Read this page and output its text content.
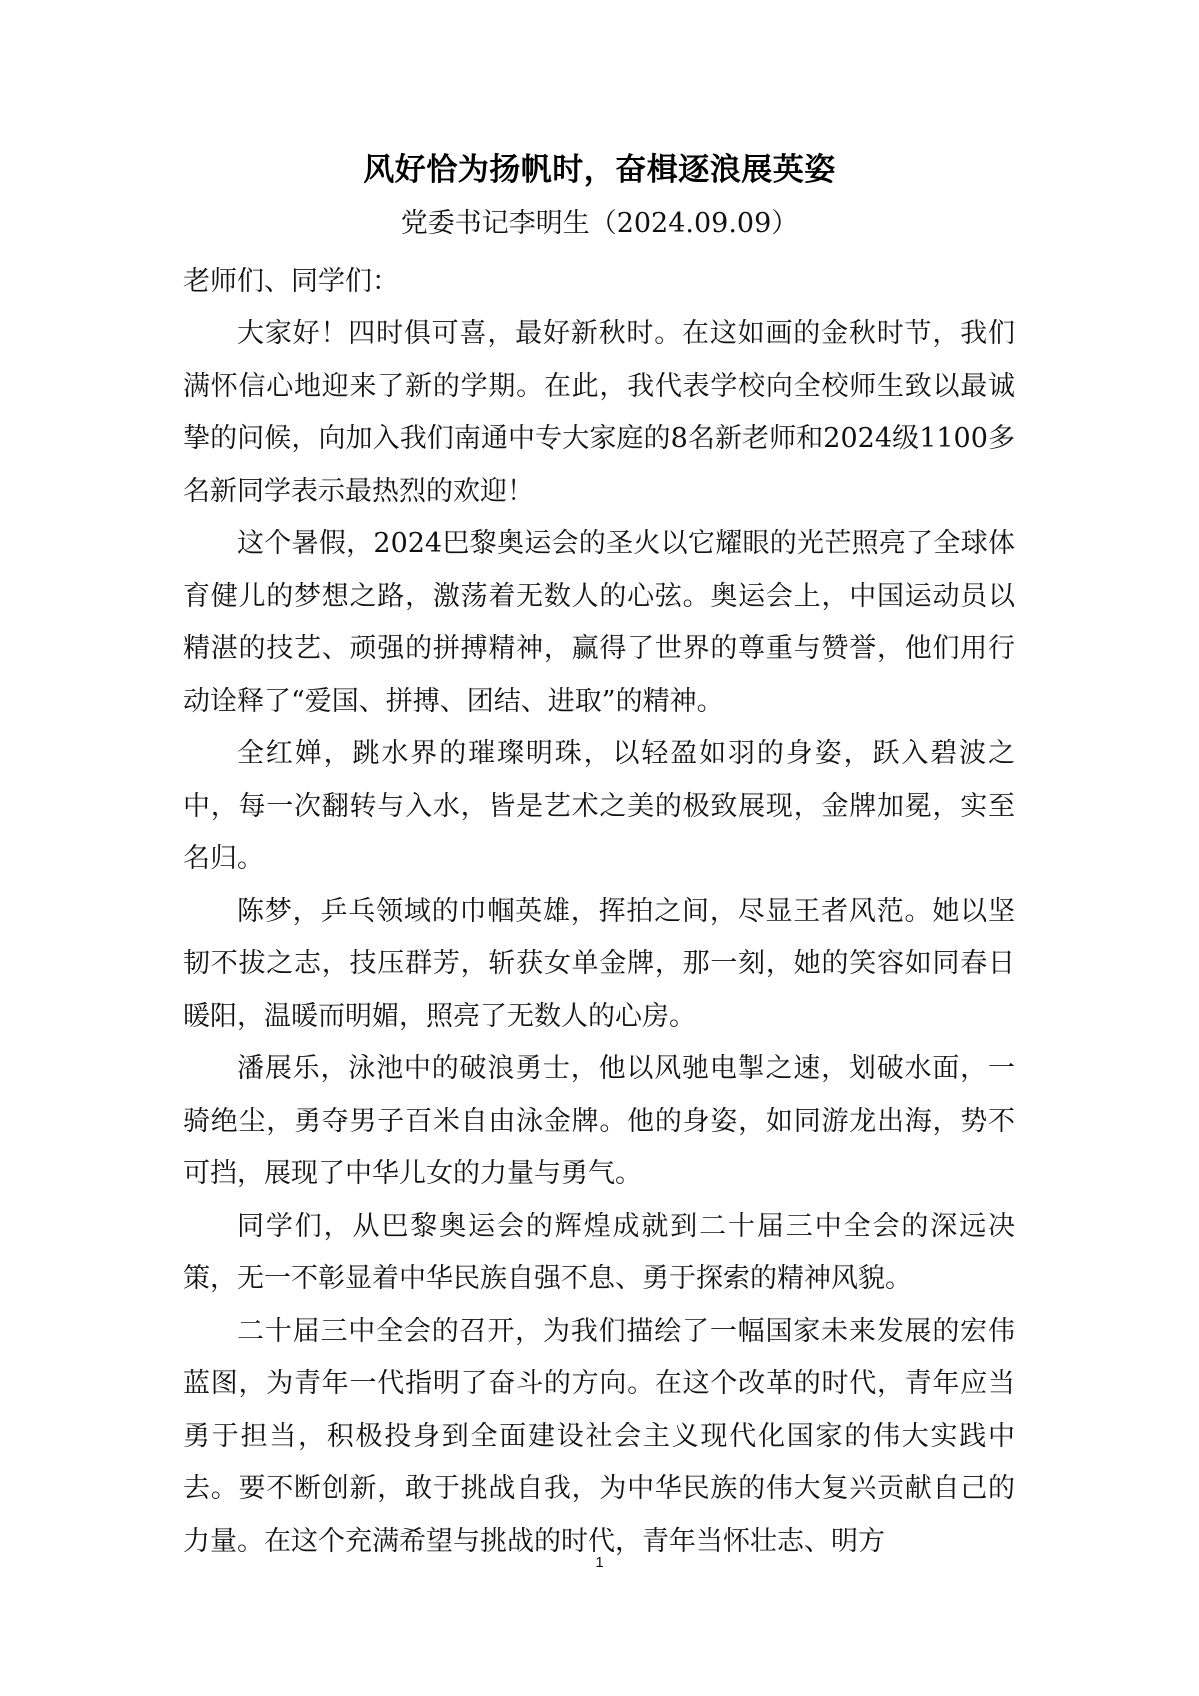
风好恰为扬帆时，奋楫逐浪展英姿
党委书记李明生（2024.09.09）
老师们、同学们：

大家好！四时俱可喜，最好新秋时。在这如画的金秋时节，我们满怀信心地迎来了新的学期。在此，我代表学校向全校师生致以最诚挚的问候，向加入我们南通中专大家庭的8名新老师和2024级1100多名新同学表示最热烈的欢迎！

这个暑假，2024巴黎奥运会的圣火以它耀眼的光芒照亮了全球体育健儿的梦想之路，激荡着无数人的心弦。奥运会上，中国运动员以精湛的技艺、顽强的拼搏精神，赢得了世界的尊重与赞誉，他们用行动诠释了“爱国、拼搏、团结、进取”的精神。

全红婵，跳水界的璀璨明珠，以轻盈如羽的身姿，跃入碧波之中，每一次翻转与入水，皆是艺术之美的极致展现，金牌加冕，实至名归。

陈梦，乒乓领域的巾帼英雄，挥拍之间，尽显王者风范。她以坚韧不拔之志，技压群芳，斩获女单金牌，那一刻，她的笑容如同春日暖阳，温暖而明媚，照亮了无数人的心房。

潘展乐，泳池中的破浪勇士，他以风驰电掣之速，划破水面，一骑绝尘，勇夺男子百米自由泳金牌。他的身姿，如同游龙出海，势不可挡，展现了中华儿女的力量与勇气。

同学们，从巴黎奥运会的辉煌成就到二十届三中全会的深远决策，无一不彰显着中华民族自强不息、勇于探索的精神风貌。

二十届三中全会的召开，为我们描绘了一幅国家未来发展的宏伟蓝图，为青年一代指明了奋斗的方向。在这个改革的时代，青年应当勇于担当，积极投身到全面建设社会主义现代化国家的伟大实践中去。要不断创新，敢于挑战自我，为中华民族的伟大复兴贡献自己的力量。在这个充满希望与挑战的时代，青年当怀壮志、明方

1
